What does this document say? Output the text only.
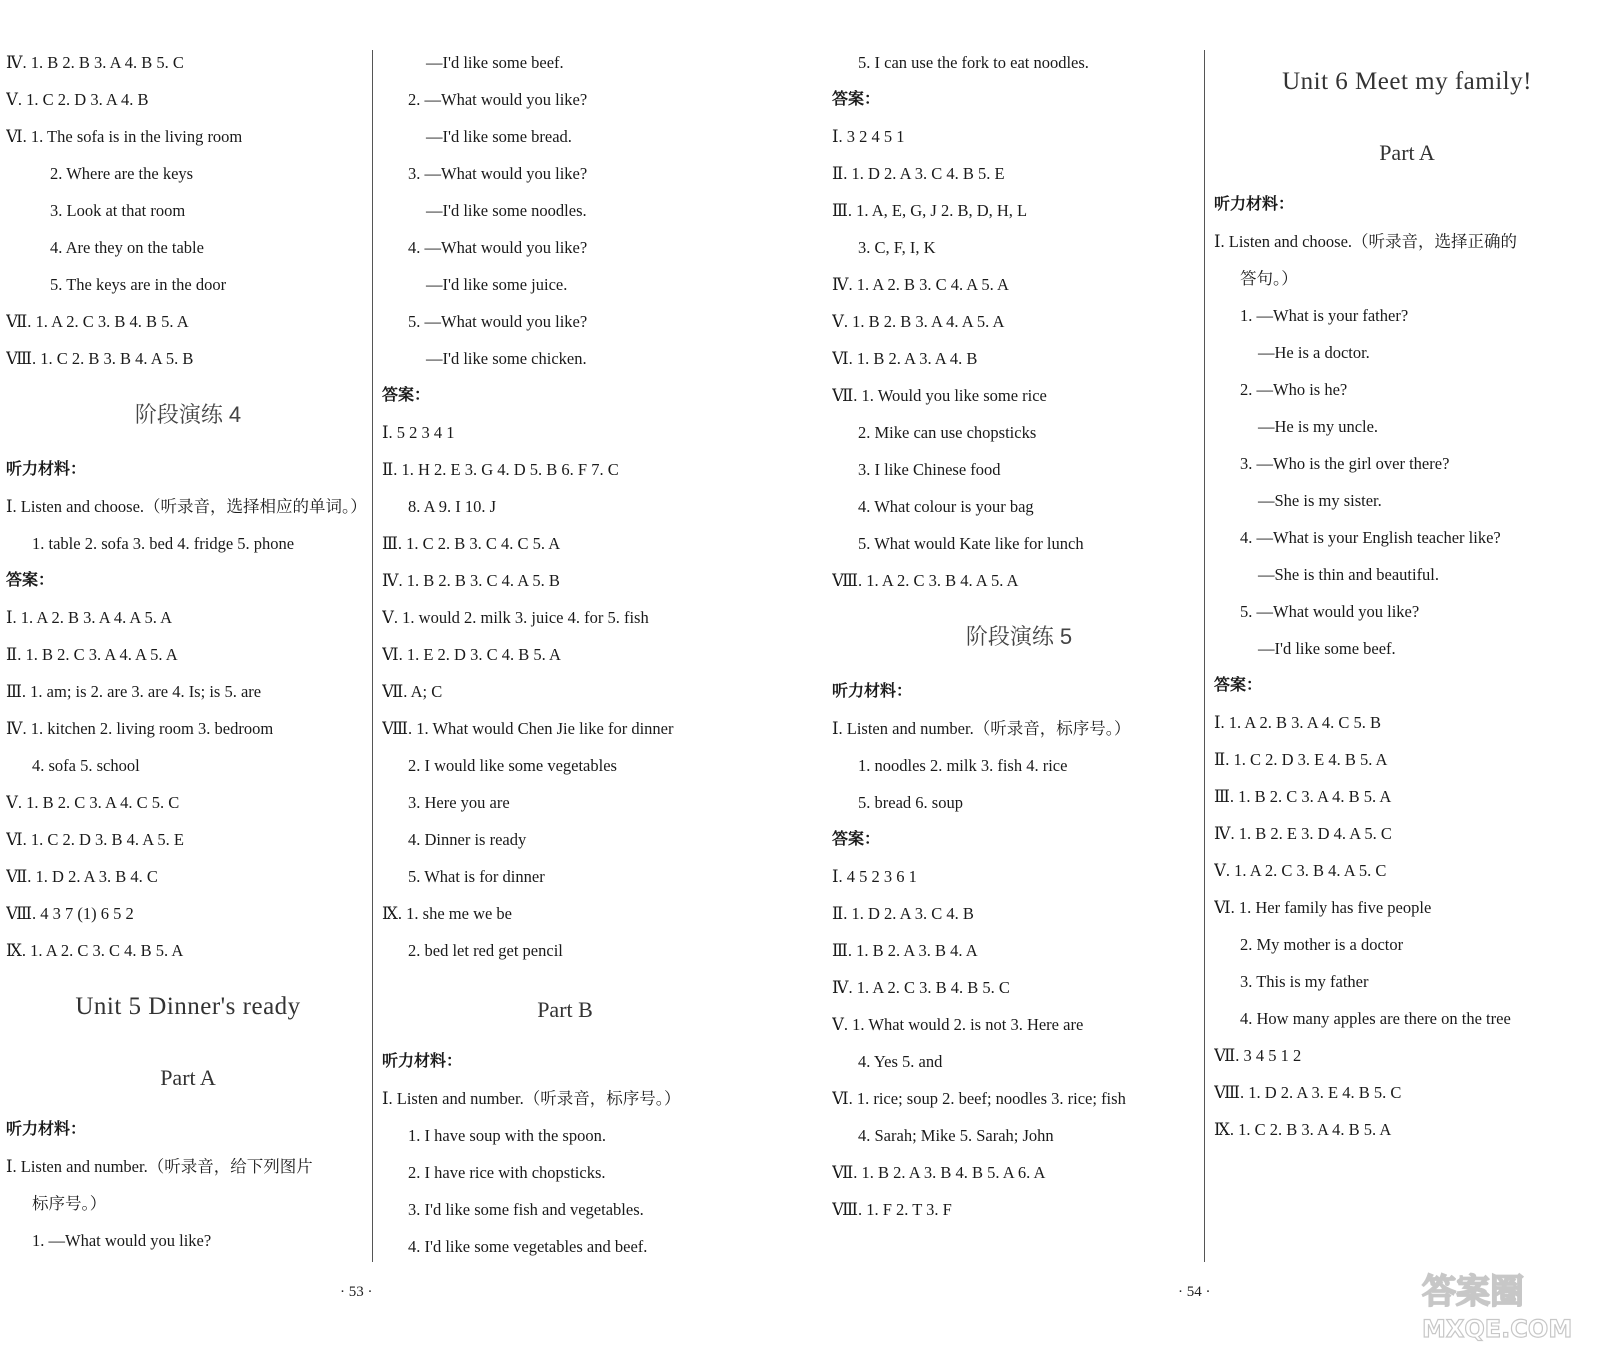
Ⅳ. 1. B 2. B 3. A 4. B 5. C
Ⅴ. 1. C 2. D 3. A 4. B
Ⅵ. 1. The sofa is in the living room
2. Where are the keys
3. Look at that room
4. Are they on the table
5. The keys are in the door
Ⅶ. 1. A 2. C 3. B 4. B 5. A
Ⅷ. 1. C 2. B 3. B 4. A 5. B
阶段演练 4
听力材料：
Ⅰ. Listen and choose.（听录音，选择相应的单词。）
1. table 2. sofa 3. bed 4. fridge 5. phone
答案：
Ⅰ. 1. A 2. B 3. A 4. A 5. A
Ⅱ. 1. B 2. C 3. A 4. A 5. A
Ⅲ. 1. am; is 2. are 3. are 4. Is; is 5. are
Ⅳ. 1. kitchen 2. living room 3. bedroom
4. sofa 5. school
Ⅴ. 1. B 2. C 3. A 4. C 5. C
Ⅵ. 1. C 2. D 3. B 4. A 5. E
Ⅶ. 1. D 2. A 3. B 4. C
Ⅷ. 4 3 7 (1) 6 5 2
Ⅸ. 1. A 2. C 3. C 4. B 5. A
Unit 5 Dinner's ready
Part A
听力材料：
Ⅰ. Listen and number.（听录音，给下列图片
标序号。）
1. —What would you like?
—I'd like some beef.
2. —What would you like?
—I'd like some bread.
3. —What would you like?
—I'd like some noodles.
4. —What would you like?
—I'd like some juice.
5. —What would you like?
—I'd like some chicken.
答案：
Ⅰ. 5 2 3 4 1
Ⅱ. 1. H 2. E 3. G 4. D 5. B 6. F 7. C
8. A 9. I 10. J
Ⅲ. 1. C 2. B 3. C 4. C 5. A
Ⅳ. 1. B 2. B 3. C 4. A 5. B
Ⅴ. 1. would 2. milk 3. juice 4. for 5. fish
Ⅵ. 1. E 2. D 3. C 4. B 5. A
Ⅶ. A; C
Ⅷ. 1. What would Chen Jie like for dinner
2. I would like some vegetables
3. Here you are
4. Dinner is ready
5. What is for dinner
Ⅸ. 1. she me we be
2. bed let red get pencil
Part B
听力材料：
Ⅰ. Listen and number.（听录音，标序号。）
1. I have soup with the spoon.
2. I have rice with chopsticks.
3. I'd like some fish and vegetables.
4. I'd like some vegetables and beef.
5. I can use the fork to eat noodles.
答案：
Ⅰ. 3 2 4 5 1
Ⅱ. 1. D 2. A 3. C 4. B 5. E
Ⅲ. 1. A, E, G, J 2. B, D, H, L
3. C, F, I, K
Ⅳ. 1. A 2. B 3. C 4. A 5. A
Ⅴ. 1. B 2. B 3. A 4. A 5. A
Ⅵ. 1. B 2. A 3. A 4. B
Ⅶ. 1. Would you like some rice
2. Mike can use chopsticks
3. I like Chinese food
4. What colour is your bag
5. What would Kate like for lunch
Ⅷ. 1. A 2. C 3. B 4. A 5. A
阶段演练 5
听力材料：
Ⅰ. Listen and number.（听录音，标序号。）
1. noodles 2. milk 3. fish 4. rice
5. bread 6. soup
答案：
Ⅰ. 4 5 2 3 6 1
Ⅱ. 1. D 2. A 3. C 4. B
Ⅲ. 1. B 2. A 3. B 4. A
Ⅳ. 1. A 2. C 3. B 4. B 5. C
Ⅴ. 1. What would 2. is not 3. Here are
4. Yes 5. and
Ⅵ. 1. rice; soup 2. beef; noodles 3. rice; fish
4. Sarah; Mike 5. Sarah; John
Ⅶ. 1. B 2. A 3. B 4. B 5. A 6. A
Ⅷ. 1. F 2. T 3. F
Unit 6 Meet my family!
Part A
听力材料：
Ⅰ. Listen and choose.（听录音，选择正确的
答句。）
1. —What is your father?
—He is a doctor.
2. —Who is he?
—He is my uncle.
3. —Who is the girl over there?
—She is my sister.
4. —What is your English teacher like?
—She is thin and beautiful.
5. —What would you like?
—I'd like some beef.
答案：
Ⅰ. 1. A 2. B 3. A 4. C 5. B
Ⅱ. 1. C 2. D 3. E 4. B 5. A
Ⅲ. 1. B 2. C 3. A 4. B 5. A
Ⅳ. 1. B 2. E 3. D 4. A 5. C
Ⅴ. 1. A 2. C 3. B 4. A 5. C
Ⅵ. 1. Her family has five people
2. My mother is a doctor
3. This is my father
4. How many apples are there on the tree
Ⅶ. 3 4 5 1 2
Ⅷ. 1. D 2. A 3. E 4. B 5. C
Ⅸ. 1. C 2. B 3. A 4. B 5. A
· 53 ·	· 54 ·	答案圈
MXQE.COM
